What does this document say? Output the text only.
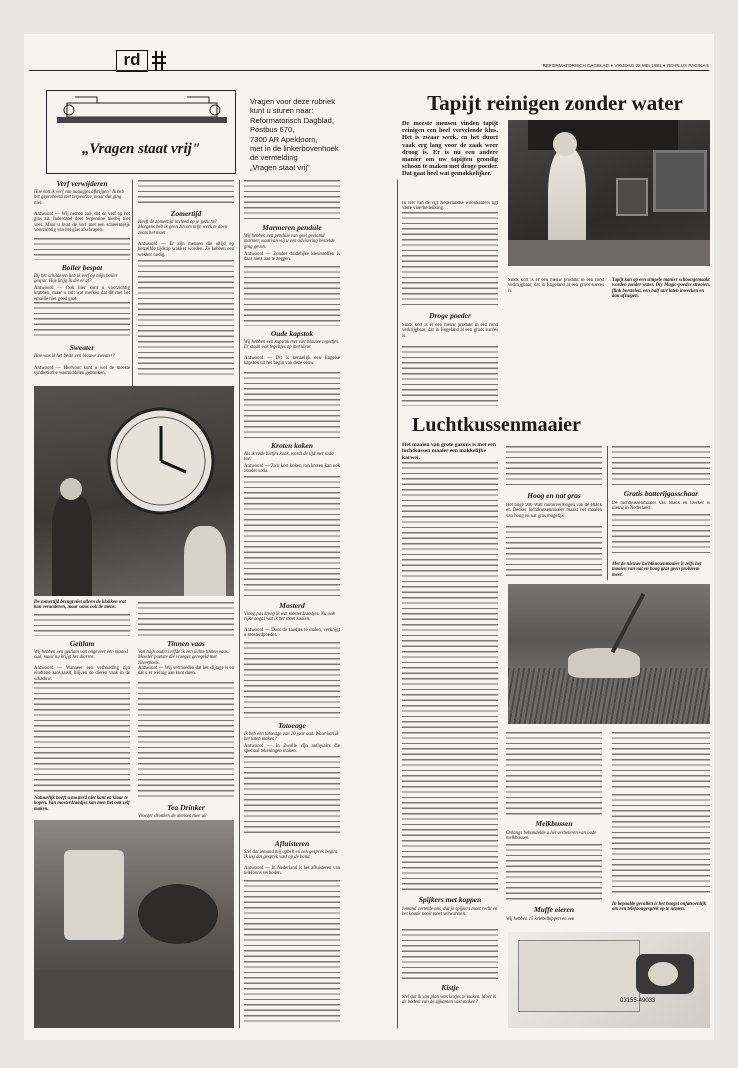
REFORMATORISCH DAGBLAD ● VRIJDAG 22 MEI 1981 ● RD-PLUS PAGINA 5
rd
„Vragen staat vrij"
Vragen voor deze rubriek
kunt u sturen naar:
Reformatorisch Dagblad,
Postbus 670,
7300 AR Apeldoorn,
met in de linkerbovenhoek
de vermelding
„Vragen staat vrij"
Tapijt reinigen zonder water
De meeste mensen vinden tapijt reinigen een heel vervelende klus. Het is zwaar werk, en het duurt vaak erg lang voor de zaak weer droog is. Er is nu een andere manier om uw tapijten grondig schoon te maken met droge poeder. Dat gaat heel wat gemakkelijker.
In vier van de vijf Nederlandse woonkamers ligt vaste vloerbedekking.
Sinds kort is er een nieuw produkt in een rond verkrijgbaar, dat in Engeland al een groot succes is.
Tapijt kan op een simpele manier schoongemaakt worden zonder water. Dry Magic-poeder strooien, flink borstelen, een half uur laten inwerken en dan afzuigen.
Droge poeder
Sinds kort is er een nieuw produkt in een rond verkrijgbaar, dat in Engeland al een groot succes is.
Luchtkussenmaaier
Het maaien van grote gazons is met een luchtkussen maaier een makkelijke karwei.
Hoog en nat gras
Het hoge 900 Watt motorvermogen van de Black en Decker luchtkussenmaaier maakt het maaien van hoog en nat gras mogelijk.
Gratis batterijgasschaar
De luchtkussenmaaier van Black en Decker is nieuw in Nederland.
Met de nieuwe luchtkussenmaaier is zelfs het maaien van nat en hoog gras geen probleem meer.
Melkbussen
Onlangs behandelde u het verbeteren van oude melkbussen.
Muffe eieren
Wij hebben 15 kriebelkippen en een
In bepaalde gevallen is het hoogst onfatsoenlijk om een telefoongesprek op te nemen.
03155-49033
Spijkers met koppen
Iemand vertelde ons, dat je spijkers moet recht en het koude nooit moet verwarmen.
Kistje
Stel dat ik van plan was kistjes te maken. Moet ik de bodem van de zijkanten vast maken?
Verf verwijderen
Hoe kan ik verf van naaagjes afkrijgen? Ik heb het geprobeerd met terpentine, maar dat ging niet.
Antwoord — Wij nemen aan, dat de verf op het glas zit. Inderdaad doet terpentine hierbij niet veel. Maar u kunt de verf met een scheermesje voorzichtig van het glas afschrapen.
Boiler bespat
Bij het schilderen heb ik verf op mijn boiler gespat. Hoe krijg ik die er af?
Antwoord — Ook hier kunt u voorzichtig krabben, maar u zult wat merken dat dit met het emaille niet goed gaat.
Sweater
Hoe was ik het beste een blauwe sweater?
Antwoord — Hiervoor kunt u wel de meeste synthetische wasmiddelen gebruiken.
De zomertijd brengt niet alleen de klokken wat kan veranderen, maar soms ook de mens.
Geitlam
Wij hebben een geitlam van ongeveer een maand oud, maar nu krijgt het diarree.
Antwoord — Wanneer een verhouding zijn eindtone aanvaardt, blijven de dieren vaak in de schaduw.
Natuurlijk hoeft u mosterd niet kant en klaar te kopen. Van mosterdzaadjes kan men het ook zelf maken.
Zomertijd
Heeft de zomertijd invloed op je gezicht? Morgens heb ik geen zin om mijn werk te doen zoals het moet.
Antwoord — Er zijn mensen die altijd op hetzelfde tijdstip wakker worden. Ze hebben een wekker nodig.
Tinnen vaas
Van mijn ouders erfde ik een lichte tinnen vaas. Moeder poetste die vroeger geregeld met zilverpoets.
Antwoord — Wij vermoeden dat het slijtage is en dat u er weinig aan kunt doen.
Tea Drinker
Vroeger dronken de mensen thee uit
Marmeren pendule
Wij hebben een pendule van geel gevlamd marmer, waarvan wij u een advisering bestelde ging geven.
Antwoord — Zonder duidelijke kleurstoffen is daar niets aan te zeggen.
Oude kapstok
Wij hebben een kapstok met vier blauwe tegeltjes. Er staan ook tegeltjes op met kleur.
Antwoord — Dit is kennelijk een Engelse kapstok uit het begin van deze eeuw.
Kroten koken
Als ik rode bietjes kook, wordt de tijd met soda toe.
Antwoord — Zo'n kort koken van kroten kan ook zonder soda.
Mosterd
Vroeg pas kreeg ik wat mosterdzaadjes. Nu ook rijke nogal wat ik het moet zaaien.
Antwoord — Door de zaadjes te malen, verkrijgt u mosterdpoeder.
Tatoeage
Ik heb een tatoeage van 20 jaar oud. Waar kan ik het laten maken?
Antwoord — In Zwolle zijn antiquairs die speciaal tekeningen maken.
Afluisteren
Stel dat iemand mij opbelt en een gesprek begint. Ik leg dat gesprek vast op de band.
Antwoord — In Nederland is het afluisteren van telefoons verboden.
